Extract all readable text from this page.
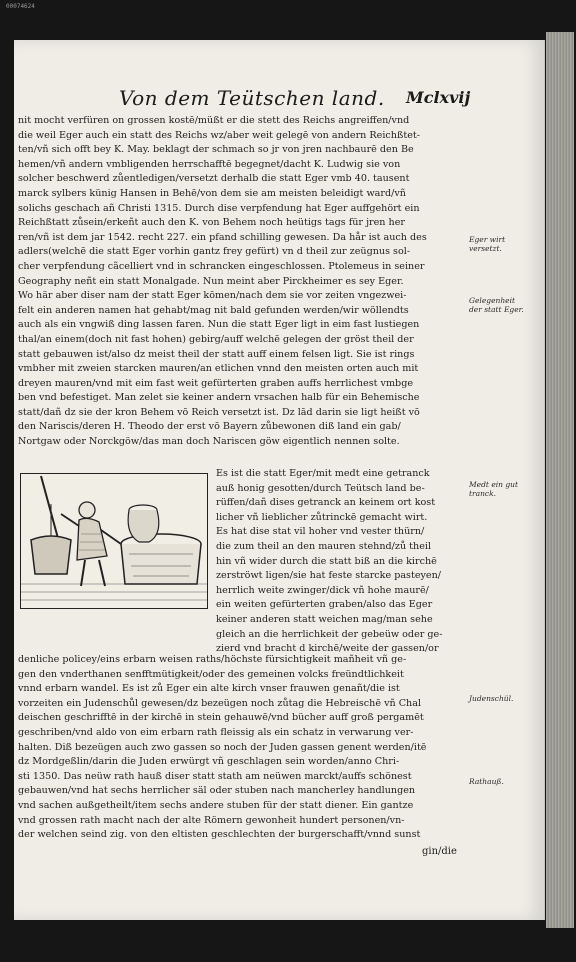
00074624
Von dem Teütschen land. Mclxvij
nit mocht verfüren on grossen kostē/müßt er die stett des Reichs angreiffen/vnd
die weil Eger auch ein statt des Reichs wz/aber weit gelegē von andern Reichßtet-
ten/vñ sich offt bey K. May. beklagt der schmach so jr von jren nachbaurē den Be
hemen/vñ andern vmbligenden herrschafftē begegnet/dacht K. Ludwig sie von
solcher beschwerd zůentledigen/versetzt derhalb die statt Eger vmb 40. tausent
marck sylbers künig Hansen in Behē/von dem sie am meisten beleidigt ward/vñ
solichs geschach añ Christi 1315. Durch dise verpfendung hat Eger auffgehört ein
Reichßtatt zůsein/erkeñt auch den K. von Behem noch heütigs tags für jren her
ren/vñ ist dem jar 1542. recht 227. ein pfand schilling gewesen. Da hår ist auch des
adlers(welchē die statt Eger vorhin gantz frey gefürt) vn d theil zur zeügnus sol-
cher verpfendung cãcelliert vnd in schrancken eingeschlossen. Ptolemeus in seiner
Geography neñt ein statt Monalgade. Nun meint aber Pirckheimer es sey Eger.
Wo här aber diser nam der statt Eger kōmen/nach dem sie vor zeiten vngezwei-
felt ein anderen namen hat gehabt/mag nit bald gefunden werden/wir wöllendts
auch als ein vngwiß ding lassen faren. Nun die statt Eger ligt in eim fast lustiegen
thal/an einem(doch nit fast hohen) gebirg/auff welchē gelegen der gröst theil der
statt gebauwen ist/also dz meist theil der statt auff einem felsen ligt. Sie ist rings
vmbher mit zweien starcken mauren/an etlichen vnnd den meisten orten auch mit
dreyen mauren/vnd mit eim fast weit gefürterten graben auffs herrlichest vmbge
ben vnd befestiget. Man zelet sie keiner andern vrsachen halb für ein Behemische
statt/dañ dz sie der kron Behem vō Reich versetzt ist. Dz lād darin sie ligt heißt vō
den Nariscis/deren H. Theodo der erst vō Bayern zůbewonen diß land ein gab/
Nortgaw oder Norckgöw/das man doch Nariscen göw eigentlich nennen solte.
Es ist die statt Eger/mit medt eine getranck
auß honig gesotten/durch Teütsch land be-
rüffen/dañ dises getranck an keinem ort kost
licher vñ lieblicher zůtrinckē gemacht wirt.
Es hat dise stat vil hoher vnd vester thürn/
die zum theil an den mauren stehnd/zů theil
hin vñ wider durch die statt biß an die kirchē
zerströwt ligen/sie hat feste starcke pasteyen/
herrlich weite zwinger/dick vñ hohe maurē/
ein weiten gefürterten graben/also das Eger
keiner anderen statt weichen mag/man sehe
gleich an die herrlichkeit der gebeüw oder ge-
zierd vnd bracht d kirchē/weite der gassen/or
denliche policey/eins erbarn weisen raths/höchste fürsichtigkeit mañheit vñ ge-
gen den vnderthanen senfftmütigkeit/oder des gemeinen volcks freündtlichkeit
vnnd erbarn wandel. Es ist zů Eger ein alte kirch vnser frauwen genañt/die ist
vorzeiten ein Judenschůl gewesen/dz bezeügen noch zůtag die Hebreischē vñ Chal
deischen geschrifftē in der kirchē in stein gehauwē/vnd bücher auff groß pergamēt
geschriben/vnd aldo von eim erbarn rath fleissig als ein schatz in verwarung ver-
halten. Diß bezeügen auch zwo gassen so noch der Juden gassen genent werden/itē
dz Mordgeßlin/darin die Juden erwürgt vñ geschlagen sein worden/anno Chri-
sti 1350. Das neüw rath hauß diser statt stath am neüwen marckt/auffs schönest
gebauwen/vnd hat sechs herrlicher säl oder stuben nach mancherley handlungen
vnd sachen außgetheilt/item sechs andere stuben für der statt diener. Ein gantze
vnd grossen rath macht nach der alte Römern gewonheit hundert personen/vn-
der welchen seind zig. von den eltisten geschlechten der burgerschafft/vnnd sunst
gin/die
Eger wirt versetzt.
Gelegenheit der statt Eger.
Medt ein gut tranck.
Judenschül.
Rathauß.
